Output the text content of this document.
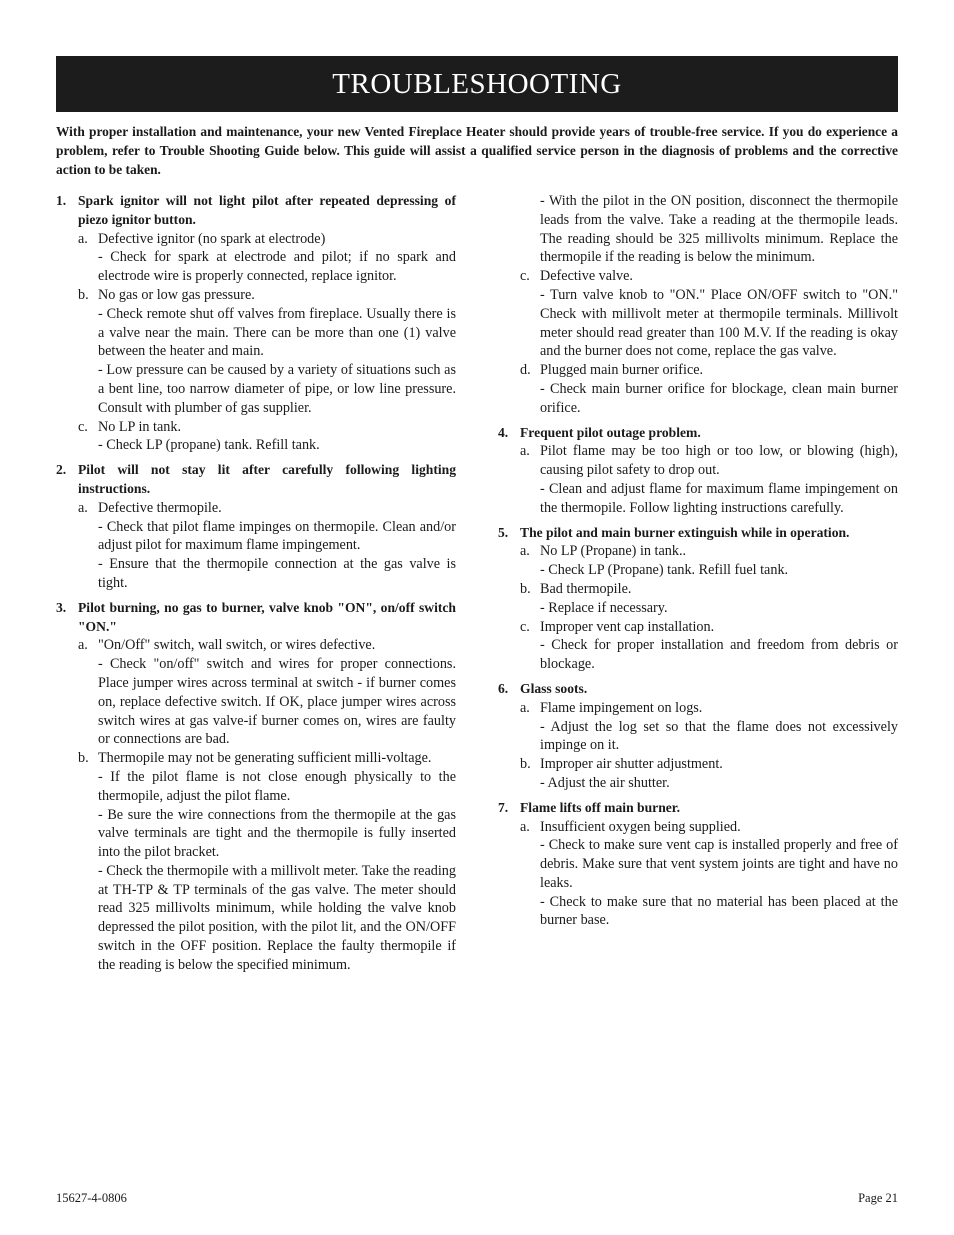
TROUBLESHOOTING
With proper installation and maintenance, your new Vented Fireplace Heater should provide years of trouble-free service. If you do experience a problem, refer to Trouble Shooting Guide below. This guide will assist a qualified service person in the diagnosis of problems and the corrective action to be taken.
1. Spark ignitor will not light pilot after repeated depressing of piezo ignitor button.
a. Defective ignitor (no spark at electrode)
- Check for spark at electrode and pilot; if no spark and electrode wire is properly connected, replace ignitor.
b. No gas or low gas pressure.
- Check remote shut off valves from fireplace. Usually there is a valve near the main. There can be more than one (1) valve between the heater and main.
- Low pressure can be caused by a variety of situations such as a bent line, too narrow diameter of pipe, or low line pressure. Consult with plumber of gas supplier.
c. No LP in tank.
- Check LP (propane) tank. Refill tank.
2. Pilot will not stay lit after carefully following lighting instructions.
a. Defective thermopile.
- Check that pilot flame impinges on thermopile. Clean and/or adjust pilot for maximum flame impingement.
- Ensure that the thermopile connection at the gas valve is tight.
3. Pilot burning, no gas to burner, valve knob "ON", on/off switch "ON."
a. "On/Off" switch, wall switch, or wires defective.
- Check "on/off" switch and wires for proper connections. Place jumper wires across terminal at switch - if burner comes on, replace defective switch. If OK, place jumper wires across switch wires at gas valve-if burner comes on, wires are faulty or connections are bad.
b. Thermopile may not be generating sufficient milli-voltage.
- If the pilot flame is not close enough physically to the thermopile, adjust the pilot flame.
- Be sure the wire connections from the thermopile at the gas valve terminals are tight and the thermopile is fully inserted into the pilot bracket.
- Check the thermopile with a millivolt meter. Take the reading at TH-TP & TP terminals of the gas valve. The meter should read 325 millivolts minimum, while holding the valve knob depressed the pilot position, with the pilot lit, and the ON/OFF switch in the OFF position. Replace the faulty thermopile if the reading is below the specified minimum.
- With the pilot in the ON position, disconnect the thermopile leads from the valve. Take a reading at the thermopile leads. The reading should be 325 millivolts minimum. Replace the thermopile if the reading is below the minimum.
c. Defective valve.
- Turn valve knob to "ON." Place ON/OFF switch to "ON." Check with millivolt meter at thermopile terminals. Millivolt meter should read greater than 100 M.V. If the reading is okay and the burner does not come, replace the gas valve.
d. Plugged main burner orifice.
- Check main burner orifice for blockage, clean main burner orifice.
4. Frequent pilot outage problem.
a. Pilot flame may be too high or too low, or blowing (high), causing pilot safety to drop out.
- Clean and adjust flame for maximum flame impingement on the thermopile. Follow lighting instructions carefully.
5. The pilot and main burner extinguish while in operation.
a. No LP (Propane) in tank..
- Check LP (Propane) tank. Refill fuel tank.
b. Bad thermopile.
- Replace if necessary.
c. Improper vent cap installation.
- Check for proper installation and freedom from debris or blockage.
6. Glass soots.
a. Flame impingement on logs.
- Adjust the log set so that the flame does not excessively impinge on it.
b. Improper air shutter adjustment.
- Adjust the air shutter.
7. Flame lifts off main burner.
a. Insufficient oxygen being supplied.
- Check to make sure vent cap is installed properly and free of debris. Make sure that vent system joints are tight and have no leaks.
- Check to make sure that no material has been placed at the burner base.
15627-4-0806	Page 21
